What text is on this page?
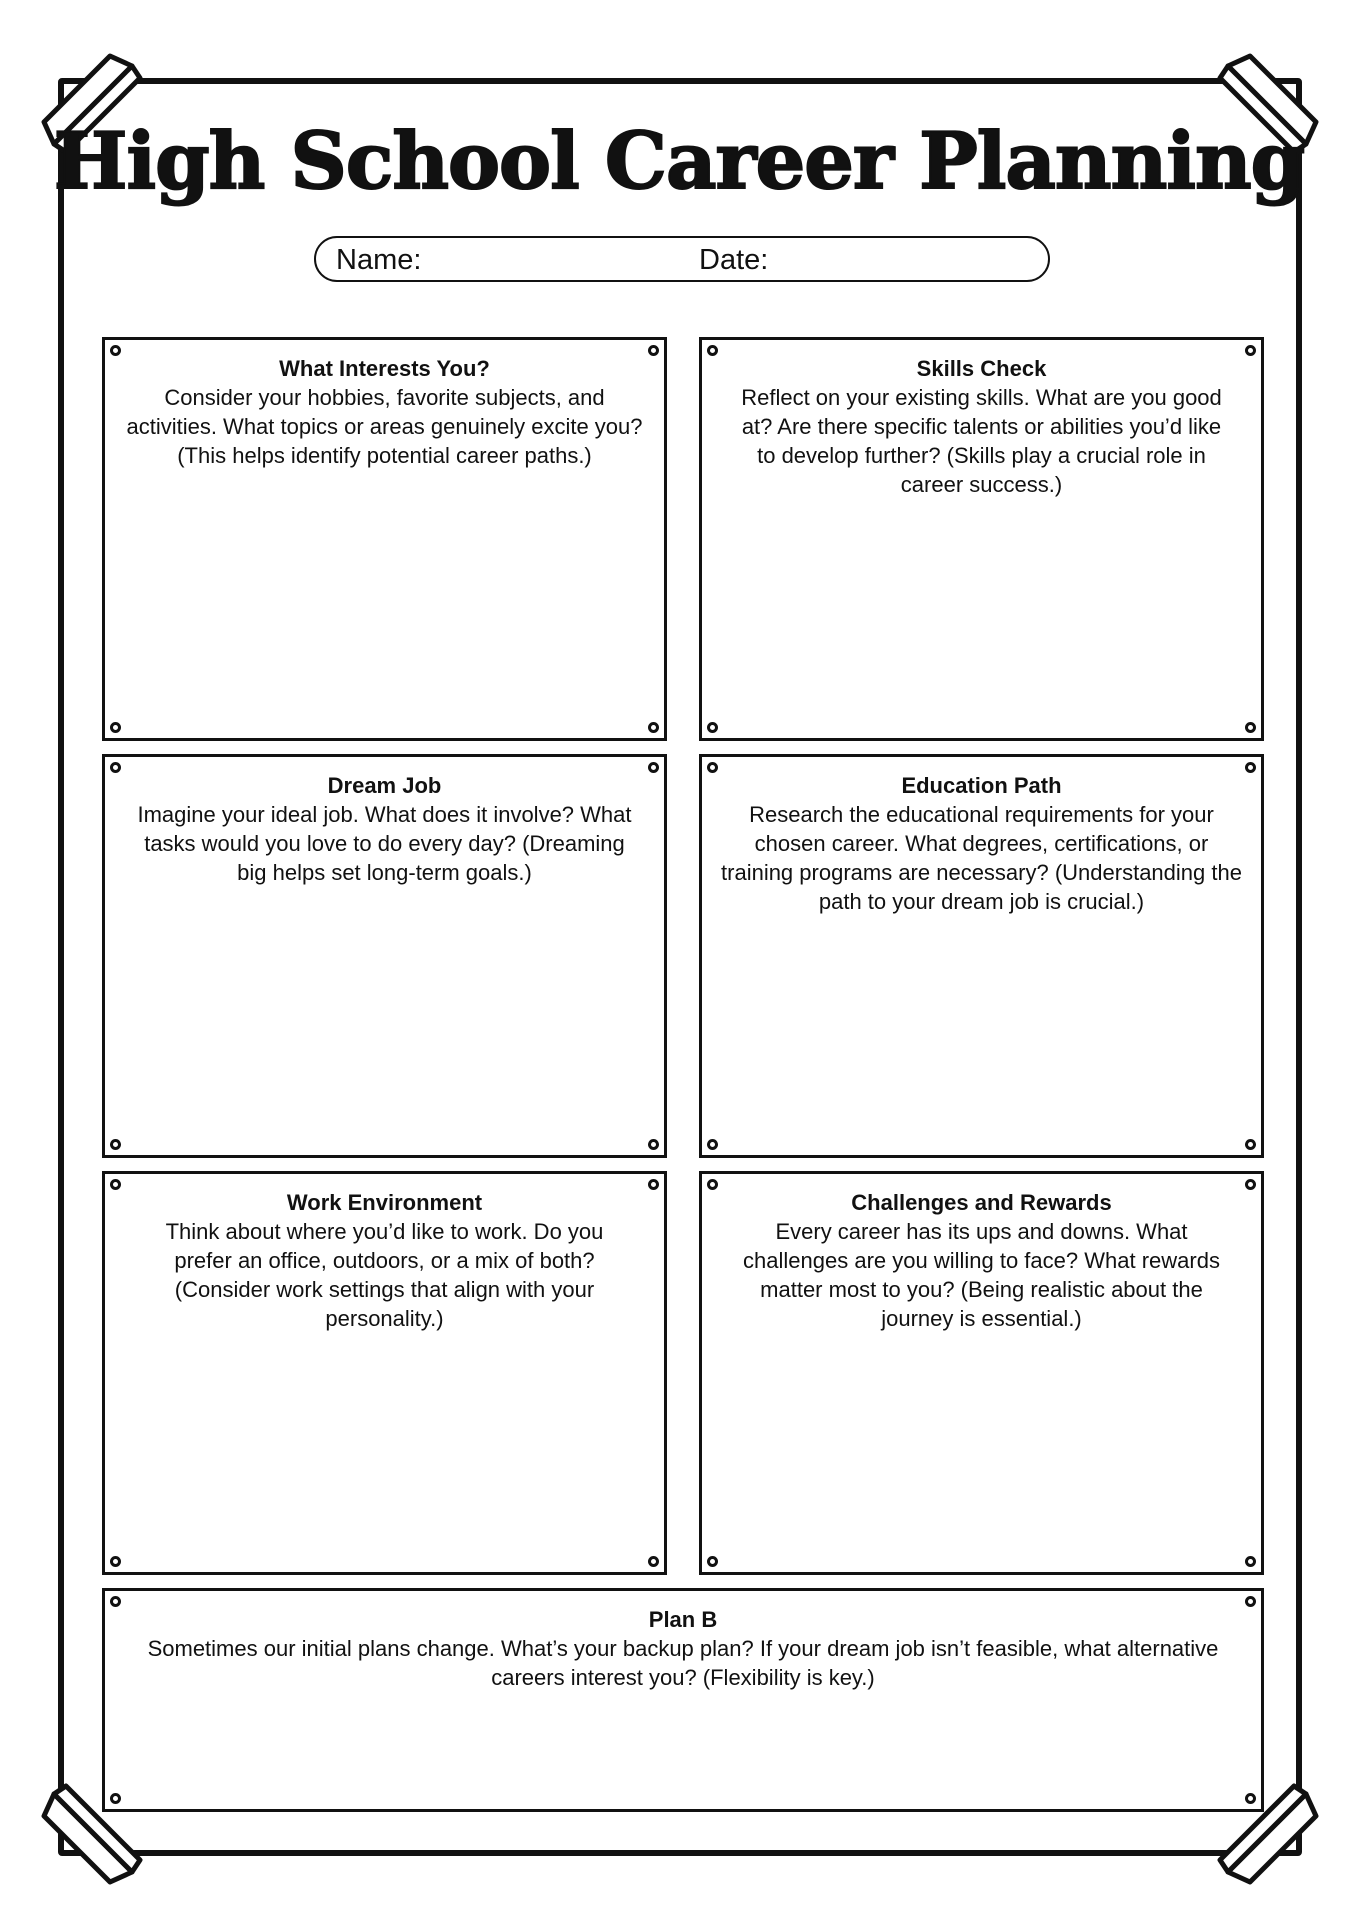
High School Career Planning
Name:	Date:
What Interests You?
Consider your hobbies, favorite subjects, and activities. What topics or areas genuinely excite you? (This helps identify potential career paths.)
Skills Check
Reflect on your existing skills. What are you good at? Are there specific talents or abilities you’d like to develop further? (Skills play a crucial role in career success.)
Dream Job
Imagine your ideal job. What does it involve? What tasks would you love to do every day? (Dreaming big helps set long-term goals.)
Education Path
Research the educational requirements for your chosen career. What degrees, certifications, or training programs are necessary? (Understanding the path to your dream job is crucial.)
Work Environment
Think about where you’d like to work. Do you prefer an office, outdoors, or a mix of both? (Consider work settings that align with your personality.)
Challenges and Rewards
Every career has its ups and downs. What challenges are you willing to face? What rewards matter most to you? (Being realistic about the journey is essential.)
Plan B
Sometimes our initial plans change. What’s your backup plan? If your dream job isn’t feasible, what alternative careers interest you? (Flexibility is key.)
